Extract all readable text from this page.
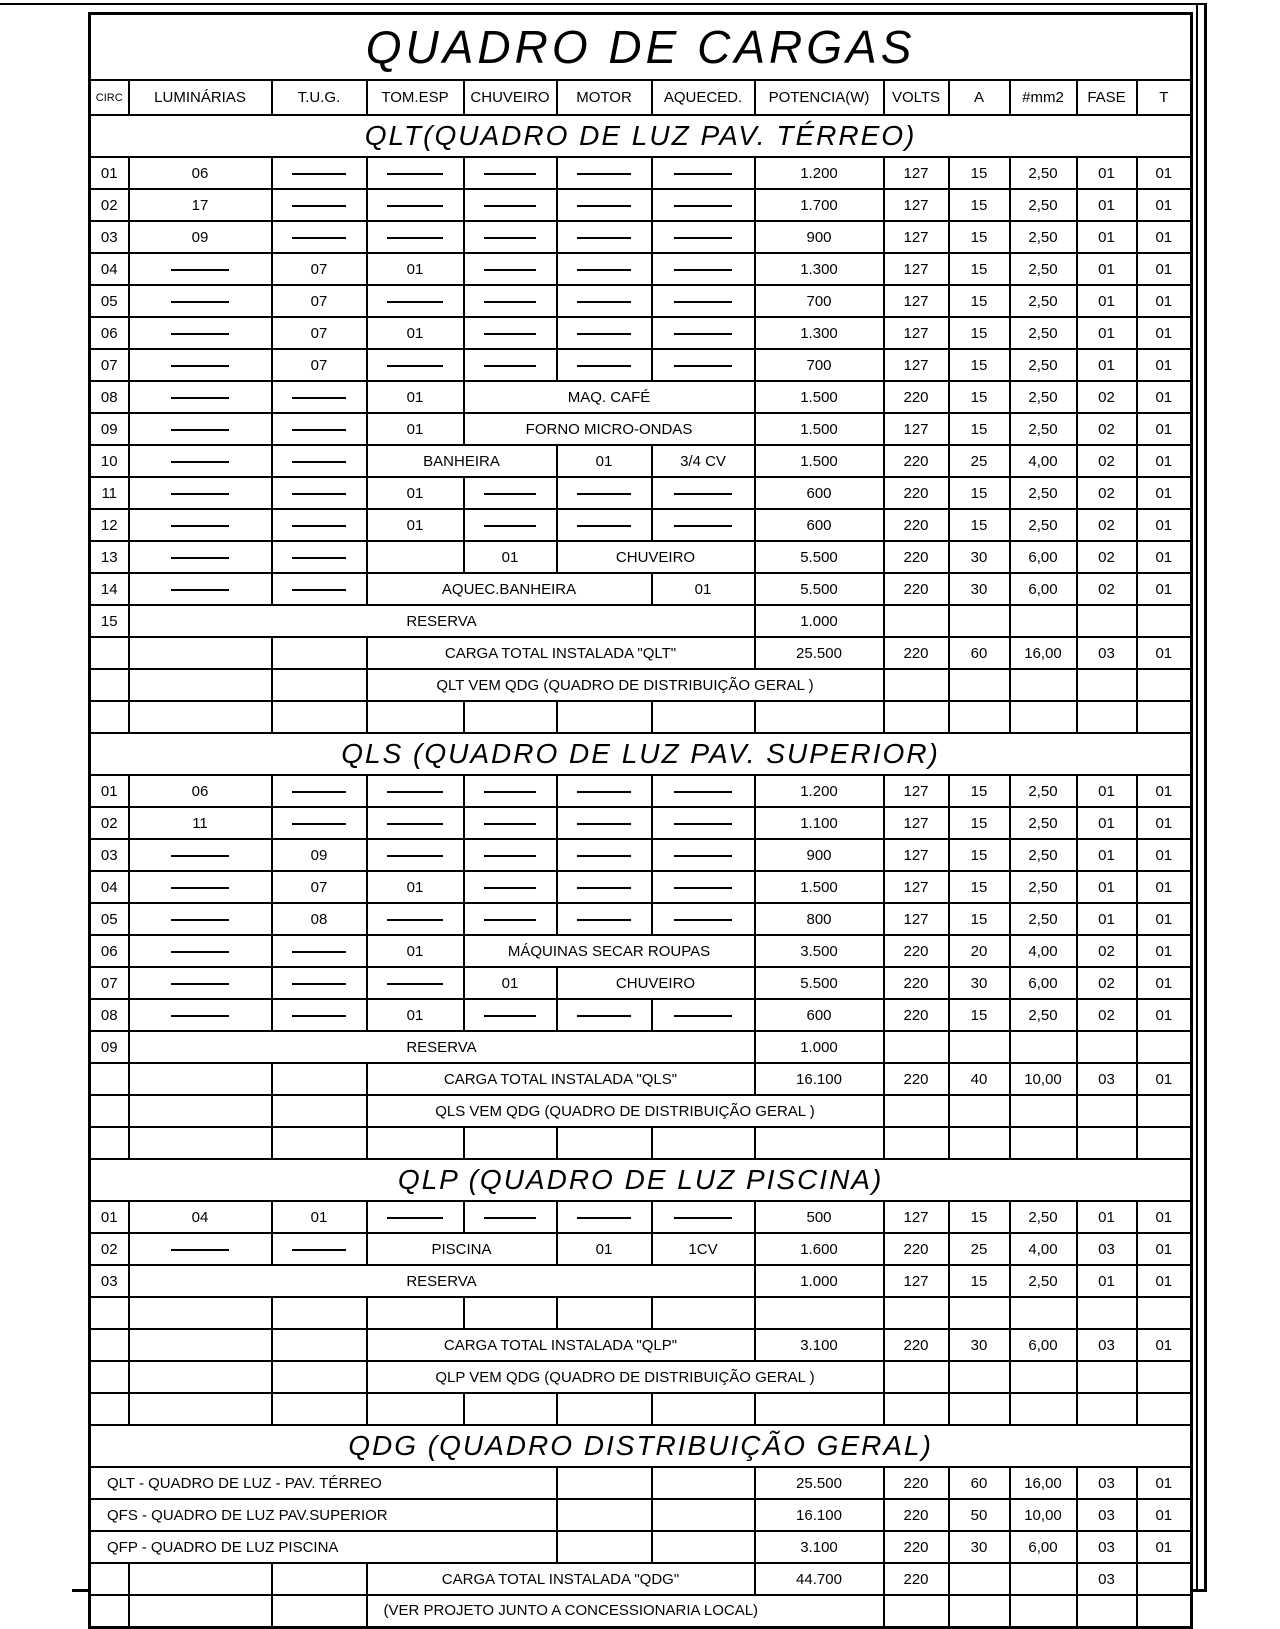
QUADRO DE CARGAS												
CIRC	LUMINÁRIAS	T.U.G.	TOM.ESP	CHUVEIRO	MOTOR	AQUECED.	POTENCIA(W)	VOLTS	A	#mm2	FASE	T
QLT(QUADRO DE LUZ PAV. TÉRREO)												
01	06						1.200	127	15	2,50	01	01
02	17						1.700	127	15	2,50	01	01
03	09						900	127	15	2,50	01	01
04		07	01				1.300	127	15	2,50	01	01
05		07					700	127	15	2,50	01	01
06		07	01				1.300	127	15	2,50	01	01
07		07					700	127	15	2,50	01	01
08			01	MAQ. CAFÉ			1.500	220	15	2,50	02	01
09			01	FORNO MICRO-ONDAS			1.500	127	15	2,50	02	01
10			BANHEIRA		01	3/4 CV	1.500	220	25	4,00	02	01
11			01				600	220	15	2,50	02	01
12			01				600	220	15	2,50	02	01
13				01	CHUVEIRO		5.500	220	30	6,00	02	01
14			AQUEC.BANHEIRA			01	5.500	220	30	6,00	02	01
15	RESERVA						1.000					
			CARGA TOTAL INSTALADA "QLT"				25.500	220	60	16,00	03	01
			QLT VEM QDG (QUADRO DE DISTRIBUIÇÃO GERAL )									

QLS (QUADRO DE LUZ PAV. SUPERIOR)												
01	06						1.200	127	15	2,50	01	01
02	11						1.100	127	15	2,50	01	01
03		09					900	127	15	2,50	01	01
04		07	01				1.500	127	15	2,50	01	01
05		08					800	127	15	2,50	01	01
06			01	MÁQUINAS SECAR ROUPAS			3.500	220	20	4,00	02	01
07				01	CHUVEIRO		5.500	220	30	6,00	02	01
08			01				600	220	15	2,50	02	01
09	RESERVA						1.000					
			CARGA TOTAL INSTALADA "QLS"				16.100	220	40	10,00	03	01
			QLS VEM QDG (QUADRO DE DISTRIBUIÇÃO GERAL )									

QLP (QUADRO DE LUZ PISCINA)												
01	04	01					500	127	15	2,50	01	01
02			PISCINA		01	1CV	1.600	220	25	4,00	03	01
03	RESERVA						1.000	127	15	2,50	01	01

			CARGA TOTAL INSTALADA "QLP"				3.100	220	30	6,00	03	01
			QLP VEM QDG (QUADRO DE DISTRIBUIÇÃO GERAL )									

QDG (QUADRO DISTRIBUIÇÃO GERAL)												
QLT - QUADRO DE LUZ - PAV. TÉRREO							25.500	220	60	16,00	03	01
QFS - QUADRO DE LUZ PAV.SUPERIOR							16.100	220	50	10,00	03	01
QFP - QUADRO DE LUZ PISCINA							3.100	220	30	6,00	03	01
			CARGA TOTAL INSTALADA "QDG"				44.700	220			03	
			(VER PROJETO JUNTO A CONCESSIONARIA LOCAL)									
